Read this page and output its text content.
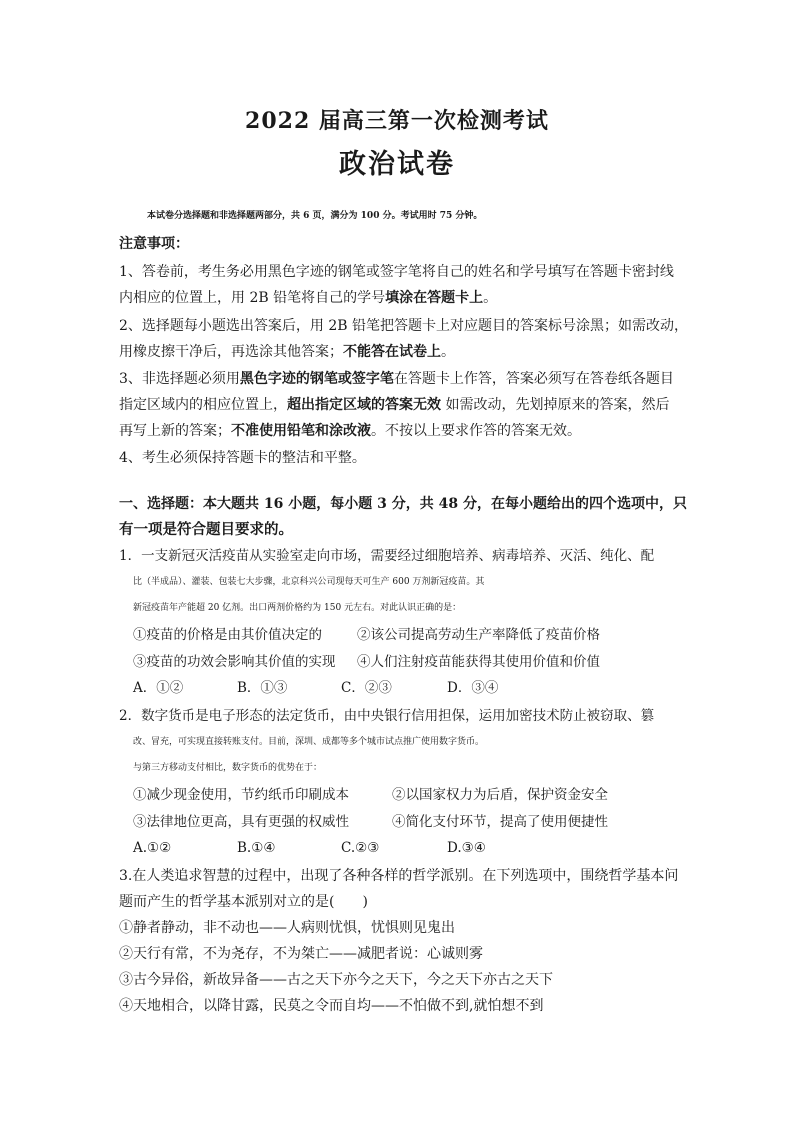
2022 届高三第一次检测考试
政治试卷
本试卷分选择题和非选择题两部分，共 6 页，满分为 100 分。考试用时 75 分钟。
注意事项：
1、答卷前，考生务必用黑色字迹的钢笔或签字笔将自己的姓名和学号填写在答题卡密封线
内相应的位置上，用 2B 铅笔将自己的学号填涂在答题卡上。
2、选择题每小题选出答案后，用 2B 铅笔把答题卡上对应题目的答案标号涂黑；如需改动，
用橡皮擦干净后，再选涂其他答案；不能答在试卷上。
3、非选择题必须用黑色字迹的钢笔或签字笔在答题卡上作答，答案必须写在答卷纸各题目
指定区域内的相应位置上，超出指定区域的答案无效 如需改动，先划掉原来的答案，然后
再写上新的答案；不准使用铅笔和涂改液。不按以上要求作答的答案无效。
4、考生必须保持答题卡的整洁和平整。
一、选择题：本大题共 16 小题，每小题 3 分，共 48 分，在每小题给出的四个选项中，只
有一项是符合题目要求的。
1．一支新冠灭活疫苗从实验室走向市场，需要经过细胞培养、病毒培养、灭活、纯化、配
比（半成品）、灌装、包装七大步骤，北京科兴公司现每天可生产 600 万剂新冠疫苗。其
新冠疫苗年产能超 20 亿剂。出口两剂价格约为 150 元左右。对此认识正确的是：
①疫苗的价格是由其价值决定的	②该公司提高劳动生产率降低了疫苗价格
③疫苗的功效会影响其价值的实现 ④人们注射疫苗能获得其使用价值和价值
A．①②	B．①③	C．②③	D．③④
2．数字货币是电子形态的法定货币，由中央银行信用担保，运用加密技术防止被窃取、篡
改、冒充，可实现直接转账支付。目前，深圳、成都等多个城市试点推广使用数字货币。
与第三方移动支付相比，数字货币的优势在于：
①减少现金使用，节约纸币印刷成本	②以国家权力为后盾，保护资金安全
③法律地位更高，具有更强的权威性	④简化支付环节，提高了使用便捷性
A.①②	B.①④	C.②③	D.③④
3.在人类追求智慧的过程中，出现了各种各样的哲学派别。在下列选项中，围绕哲学基本问
题而产生的哲学基本派别对立的是(　　)
①静者静动，非不动也——人病则忧惧，忧惧则见鬼出
②天行有常，不为尧存，不为桀亡——减肥者说：心诚则雾
③古今异俗，新故异备——古之天下亦今之天下，今之天下亦古之天下
④天地相合，以降甘露，民莫之令而自均——不怕做不到,就怕想不到
